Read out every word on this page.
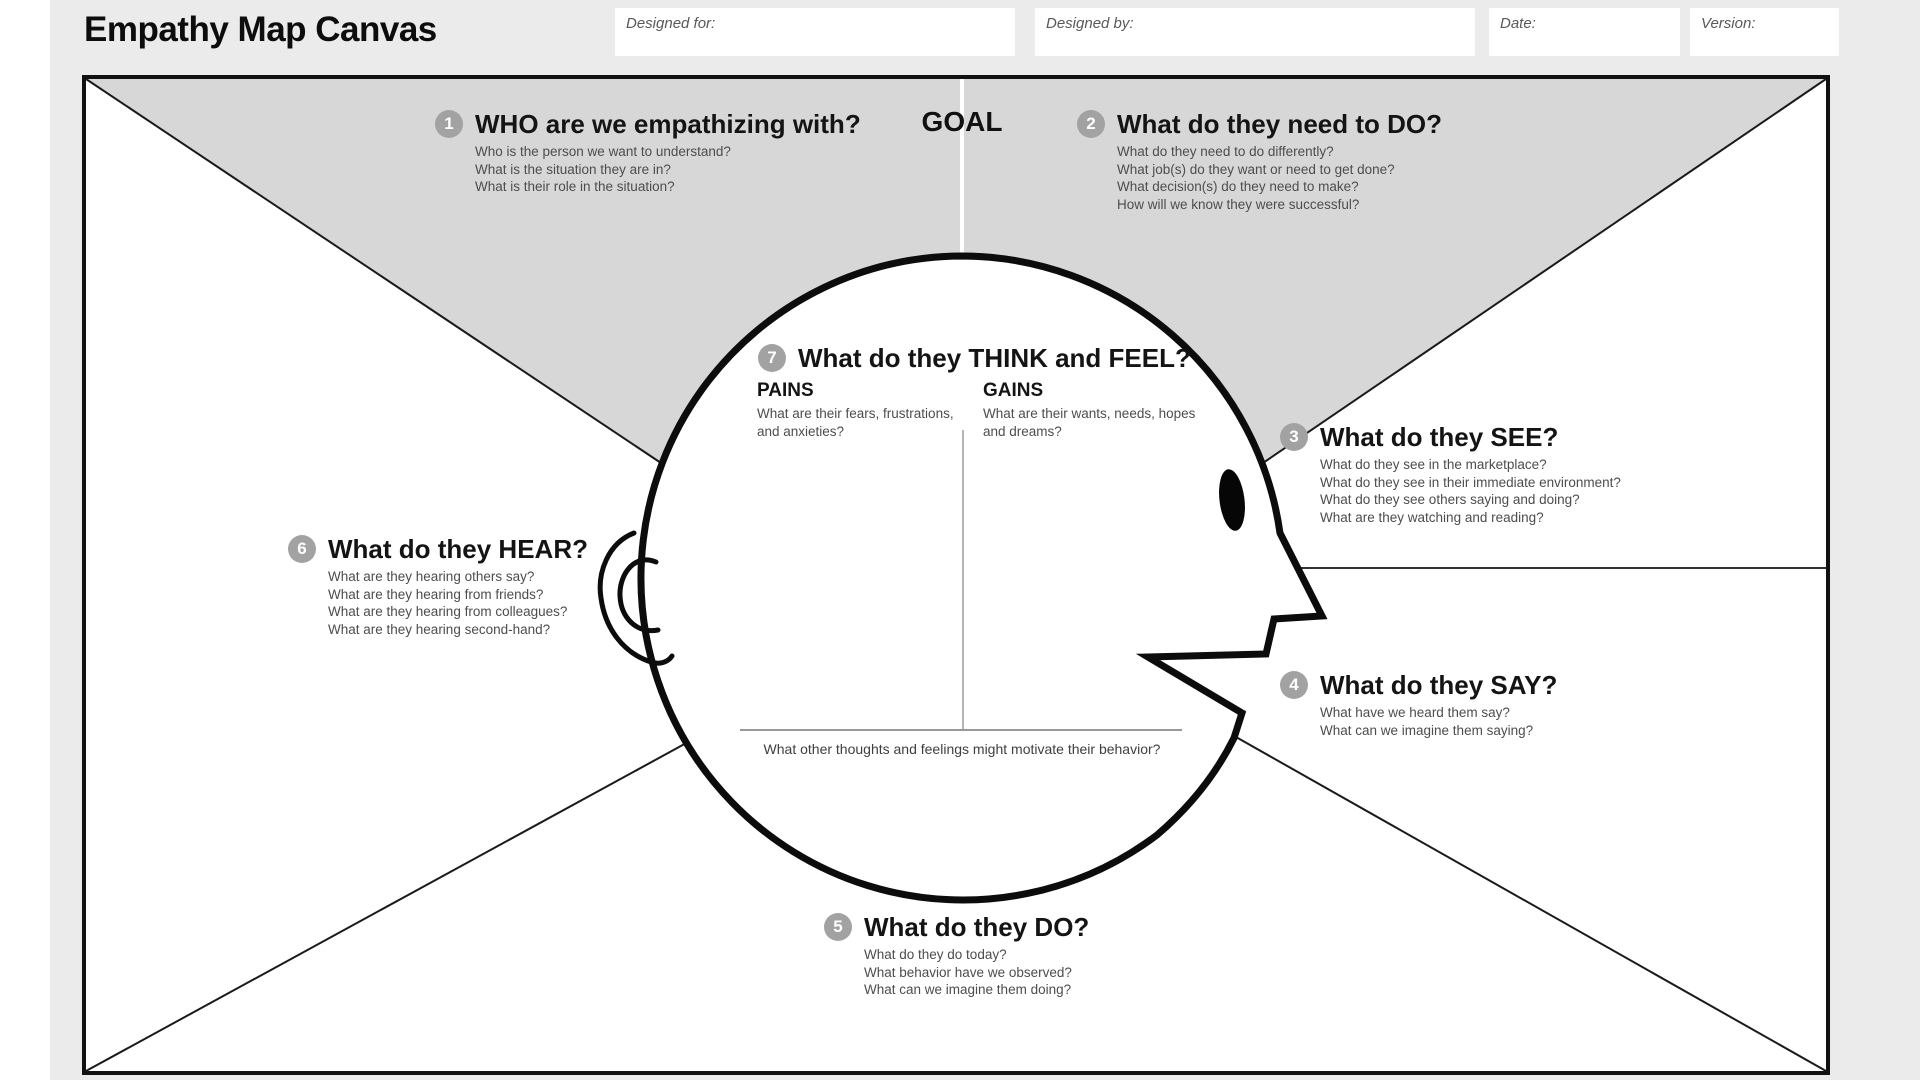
Empathy Map Canvas	Designed for:	Designed by:	Date:	Version:
GOAL
1 WHO are we empathizing with?
Who is the person we want to understand?
What is the situation they are in?
What is their role in the situation?
2 What do they need to DO?
What do they need to do differently?
What job(s) do they want or need to get done?
What decision(s) do they need to make?
How will we know they were successful?
3 What do they SEE?
What do they see in the marketplace?
What do they see in their immediate environment?
What do they see others saying and doing?
What are they watching and reading?
4 What do they SAY?
What have we heard them say?
What can we imagine them saying?
5 What do they DO?
What do they do today?
What behavior have we observed?
What can we imagine them doing?
6 What do they HEAR?
What are they hearing others say?
What are they hearing from friends?
What are they hearing from colleagues?
What are they hearing second-hand?
7 What do they THINK and FEEL?
PAINS
What are their fears, frustrations, and anxieties?
GAINS
What are their wants, needs, hopes and dreams?
What other thoughts and feelings might motivate their behavior?
